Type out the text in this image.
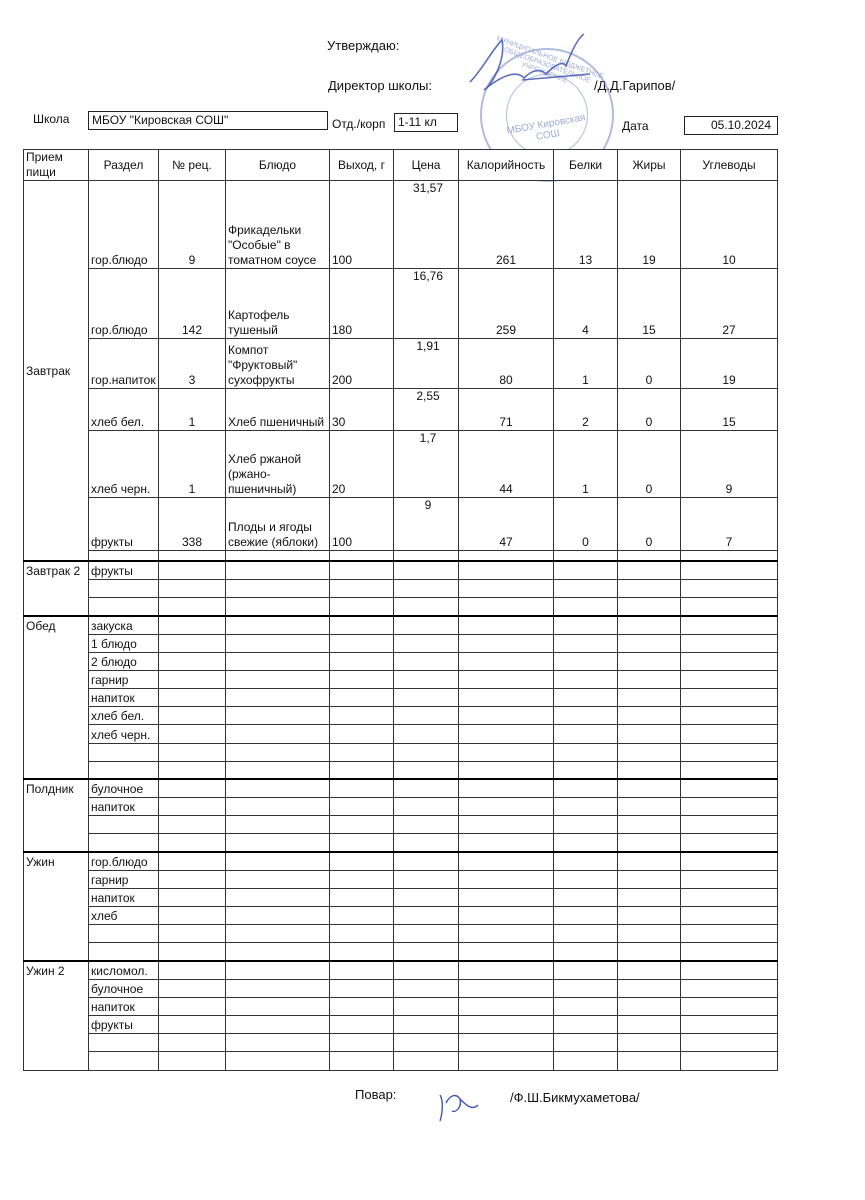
Утверждаю:
Директор школы:	/Д.Д.Гарипов/
МУНИЦИПАЛЬНОЕ БЮДЖЕТНОЕ ОБЩЕОБРАЗОВАТЕЛЬНОЕ УЧРЕЖДЕНИЕ
МБОУ Кировская СОШ
Школа	МБОУ "Кировская СОШ"	Отд./корп	1-11 кл	Дата	05.10.2024
Прием пищи	Раздел	№ рец.	Блюдо	Выход, г	Цена	Калорийность	Белки	Жиры	Углеводы
Завтрак	гор.блюдо	9	Фрикадельки "Особые" в томатном соусе	100	31,57	261	13	19	10
	гор.блюдо	142	Картофель тушеный	180	16,76	259	4	15	27
	гор.напиток	3	Компот "Фруктовый" сухофрукты	200	1,91	80	1	0	19
	хлеб бел.	1	Хлеб пшеничный	30	2,55	71	2	0	15
	хлеб черн.	1	Хлеб ржаной (ржано-пшеничный)	20	1,7	44	1	0	9
	фрукты	338	Плоды и ягоды свежие (яблоки)	100	9	47	0	0	7

Завтрак 2	фрукты								

Обед	закуска								
	1 блюдо								
	2 блюдо								
	гарнир								
	напиток								
	хлеб бел.								
	хлеб черн.								

Полдник	булочное								
	напиток								

Ужин	гор.блюдо								
	гарнир								
	напиток								
	хлеб								

Ужин 2	кисломол.								
	булочное								
	напиток								
	фрукты								

Повар:	/Ф.Ш.Бикмухаметова/
